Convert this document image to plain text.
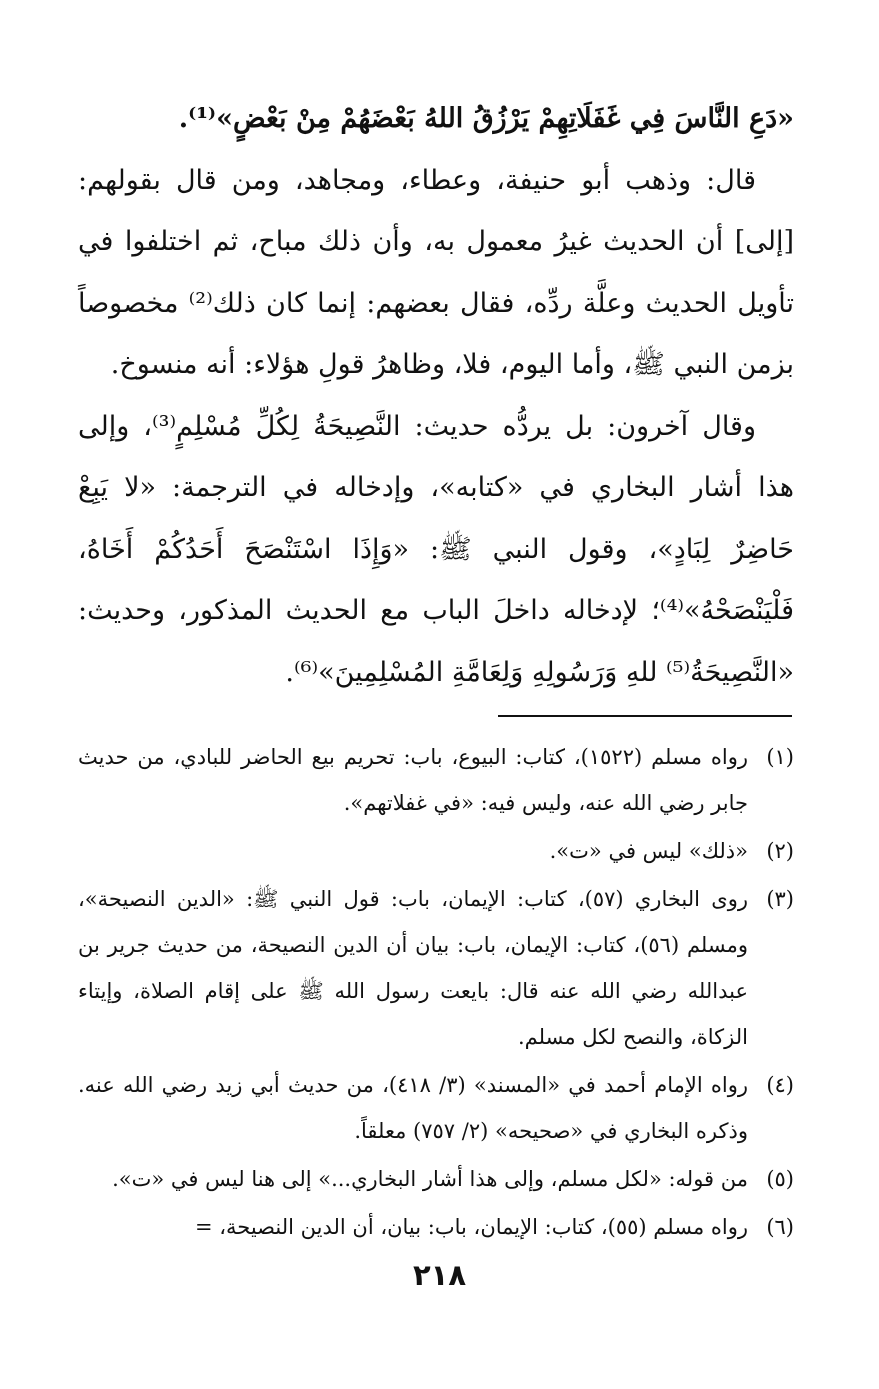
«دَعِ النَّاسَ فِي غَفَلَاتِهِمْ يَرْزُقُ اللهُ بَعْضَهُمْ مِنْ بَعْضٍ»⁽¹⁾.

قال: وذهب أبو حنيفة، وعطاء، ومجاهد، ومن قال بقولهم: [إلى] أن الحديث غيرُ معمول به، وأن ذلك مباح، ثم اختلفوا في تأويل الحديث وعلَّة ردِّه، فقال بعضهم: إنما كان ذلك⁽²⁾ مخصوصاً بزمن النبي ﷺ، وأما اليوم، فلا، وظاهرُ قولِ هؤلاء: أنه منسوخ.

وقال آخرون: بل يردُّه حديث: النَّصِيحَةُ لِكُلِّ مُسْلِمٍ⁽³⁾، وإلى هذا أشار البخاري في «كتابه»، وإدخاله في الترجمة: «لا يَبِعْ حَاضِرٌ لِبَادٍ»، وقول النبي ﷺ: «وَإِذَا اسْتَنْصَحَ أَحَدُكُمْ أَخَاهُ، فَلْيَنْصَحْهُ»⁽⁴⁾؛ لإدخاله داخلَ الباب مع الحديث المذكور، وحديث: «النَّصِيحَةُ⁽⁵⁾ للهِ وَرَسُولِهِ وَلِعَامَّةِ المُسْلِمِينَ»⁽⁶⁾.

(١)
رواه مسلم (١٥٢٢)، كتاب: البيوع، باب: تحريم بيع الحاضر للبادي، من حديث جابر رضي الله عنه، وليس فيه: «في غفلاتهم».
(٢)
«ذلك» ليس في «ت».
(٣)
روى البخاري (٥٧)، كتاب: الإيمان، باب: قول النبي ﷺ: «الدين النصيحة»، ومسلم (٥٦)، كتاب: الإيمان، باب: بيان أن الدين النصيحة، من حديث جرير بن عبدالله رضي الله عنه قال: بايعت رسول الله ﷺ على إقام الصلاة، وإيتاء الزكاة، والنصح لكل مسلم.
(٤)
رواه الإمام أحمد في «المسند» (٣/ ٤١٨)، من حديث أبي زيد رضي الله عنه. وذكره البخاري في «صحيحه» (٢/ ٧٥٧) معلقاً.
(٥)
من قوله: «لكل مسلم، وإلى هذا أشار البخاري...» إلى هنا ليس في «ت».
(٦)
رواه مسلم (٥٥)، كتاب: الإيمان، باب: بيان، أن الدين النصيحة، =
٢١٨
